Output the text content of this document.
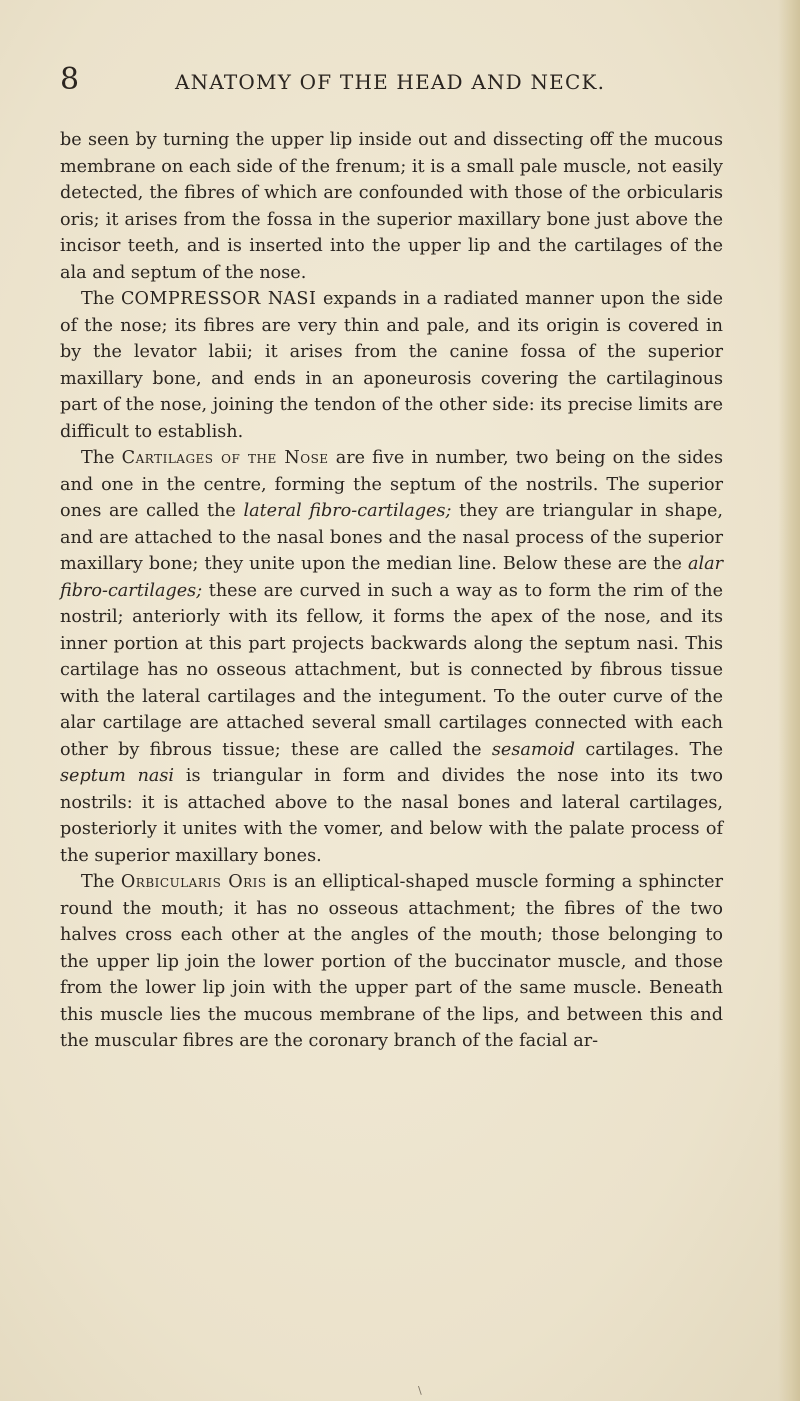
8	ANATOMY OF THE HEAD AND NECK.

be seen by turning the upper lip inside out and dissecting off the mucous membrane on each side of the frenum; it is a small pale muscle, not easily detected, the fibres of which are confounded with those of the orbicularis oris; it arises from the fossa in the superior maxillary bone just above the incisor teeth, and is inserted into the upper lip and the cartilages of the ala and septum of the nose.

The COMPRESSOR NASI expands in a radiated manner upon the side of the nose; its fibres are very thin and pale, and its origin is covered in by the levator labii; it arises from the canine fossa of the superior maxillary bone, and ends in an aponeurosis covering the cartilaginous part of the nose, joining the tendon of the other side: its precise limits are difficult to establish.

The Cartilages of the Nose are five in number, two being on the sides and one in the centre, forming the septum of the nostrils. The superior ones are called the lateral fibro-cartilages; they are triangular in shape, and are attached to the nasal bones and the nasal process of the superior maxillary bone; they unite upon the median line. Below these are the alar fibro-cartilages; these are curved in such a way as to form the rim of the nostril; anteriorly with its fellow, it forms the apex of the nose, and its inner portion at this part projects backwards along the septum nasi. This cartilage has no osseous attachment, but is connected by fibrous tissue with the lateral cartilages and the integument. To the outer curve of the alar cartilage are attached several small cartilages connected with each other by fibrous tissue; these are called the sesamoid cartilages. The septum nasi is triangular in form and divides the nose into its two nostrils: it is attached above to the nasal bones and lateral cartilages, posteriorly it unites with the vomer, and below with the palate process of the superior maxillary bones.

The Orbicularis Oris is an elliptical-shaped muscle forming a sphincter round the mouth; it has no osseous attachment; the fibres of the two halves cross each other at the angles of the mouth; those belonging to the upper lip join the lower portion of the buccinator muscle, and those from the lower lip join with the upper part of the same muscle. Beneath this muscle lies the mucous membrane of the lips, and between this and the muscular fibres are the coronary branch of the facial ar-

\
